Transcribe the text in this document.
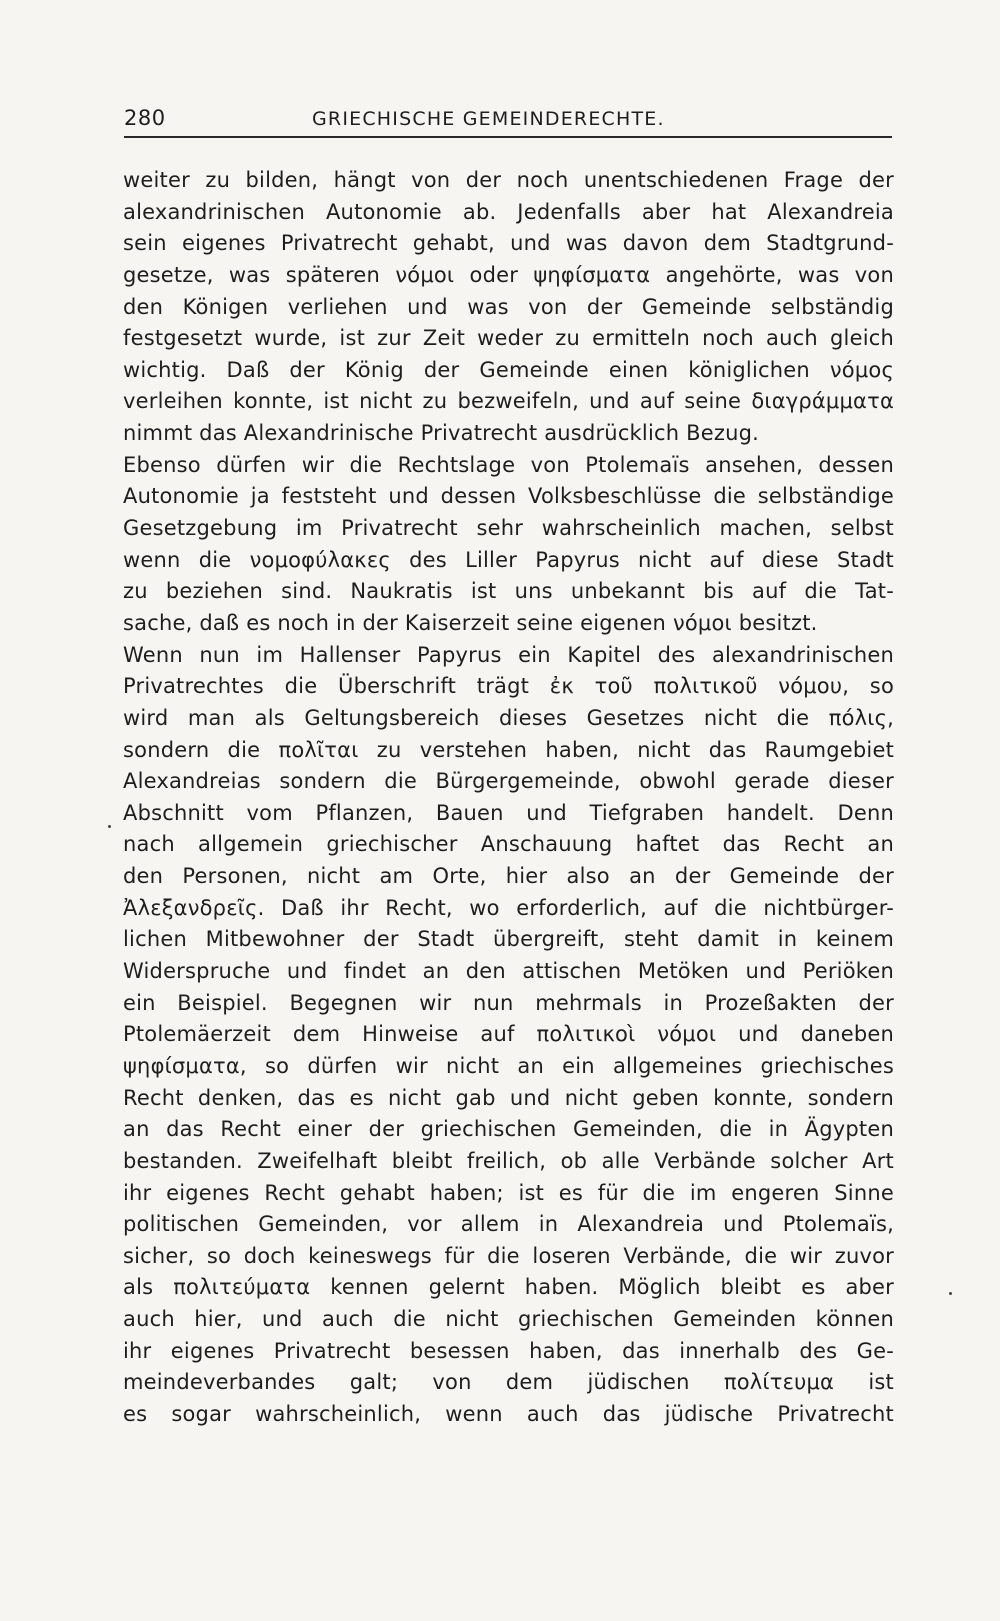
280	GRIECHISCHE GEMEINDERECHTE.
weiter zu bilden, hängt von der noch unentschiedenen Frage der
alexandrinischen Autonomie ab. Jedenfalls aber hat Alexandreia
sein eigenes Privatrecht gehabt, und was davon dem Stadtgrund-
gesetze, was späteren νόμοι oder ψηφίσματα angehörte, was von
den Königen verliehen und was von der Gemeinde selbständig
festgesetzt wurde, ist zur Zeit weder zu ermitteln noch auch gleich
wichtig. Daß der König der Gemeinde einen königlichen νόμος
verleihen konnte, ist nicht zu bezweifeln, und auf seine διαγράμματα
nimmt das Alexandrinische Privatrecht ausdrücklich Bezug.
Ebenso dürfen wir die Rechtslage von Ptolemaïs ansehen, dessen
Autonomie ja feststeht und dessen Volksbeschlüsse die selbständige
Gesetzgebung im Privatrecht sehr wahrscheinlich machen, selbst
wenn die νομοφύλακες des Liller Papyrus nicht auf diese Stadt
zu beziehen sind. Naukratis ist uns unbekannt bis auf die Tat-
sache, daß es noch in der Kaiserzeit seine eigenen νόμοι besitzt.
Wenn nun im Hallenser Papyrus ein Kapitel des alexandrinischen
Privatrechtes die Überschrift trägt ἐκ τοῦ πολιτικοῦ νόμου, so
wird man als Geltungsbereich dieses Gesetzes nicht die πόλις,
sondern die πολῖται zu verstehen haben, nicht das Raumgebiet
Alexandreias sondern die Bürgergemeinde, obwohl gerade dieser
Abschnitt vom Pflanzen, Bauen und Tiefgraben handelt. Denn
nach allgemein griechischer Anschauung haftet das Recht an
den Personen, nicht am Orte, hier also an der Gemeinde der
Ἀλεξανδρεῖς. Daß ihr Recht, wo erforderlich, auf die nichtbürger-
lichen Mitbewohner der Stadt übergreift, steht damit in keinem
Widerspruche und findet an den attischen Metöken und Periöken
ein Beispiel. Begegnen wir nun mehrmals in Prozeßakten der
Ptolemäerzeit dem Hinweise auf πολιτικοὶ νόμοι und daneben
ψηφίσματα, so dürfen wir nicht an ein allgemeines griechisches
Recht denken, das es nicht gab und nicht geben konnte, sondern
an das Recht einer der griechischen Gemeinden, die in Ägypten
bestanden. Zweifelhaft bleibt freilich, ob alle Verbände solcher Art
ihr eigenes Recht gehabt haben; ist es für die im engeren Sinne
politischen Gemeinden, vor allem in Alexandreia und Ptolemaïs,
sicher, so doch keineswegs für die loseren Verbände, die wir zuvor
als πολιτεύματα kennen gelernt haben. Möglich bleibt es aber
auch hier, und auch die nicht griechischen Gemeinden können
ihr eigenes Privatrecht besessen haben, das innerhalb des Ge-
meindeverbandes galt; von dem jüdischen πολίτευμα ist
es sogar wahrscheinlich, wenn auch das jüdische Privatrecht
